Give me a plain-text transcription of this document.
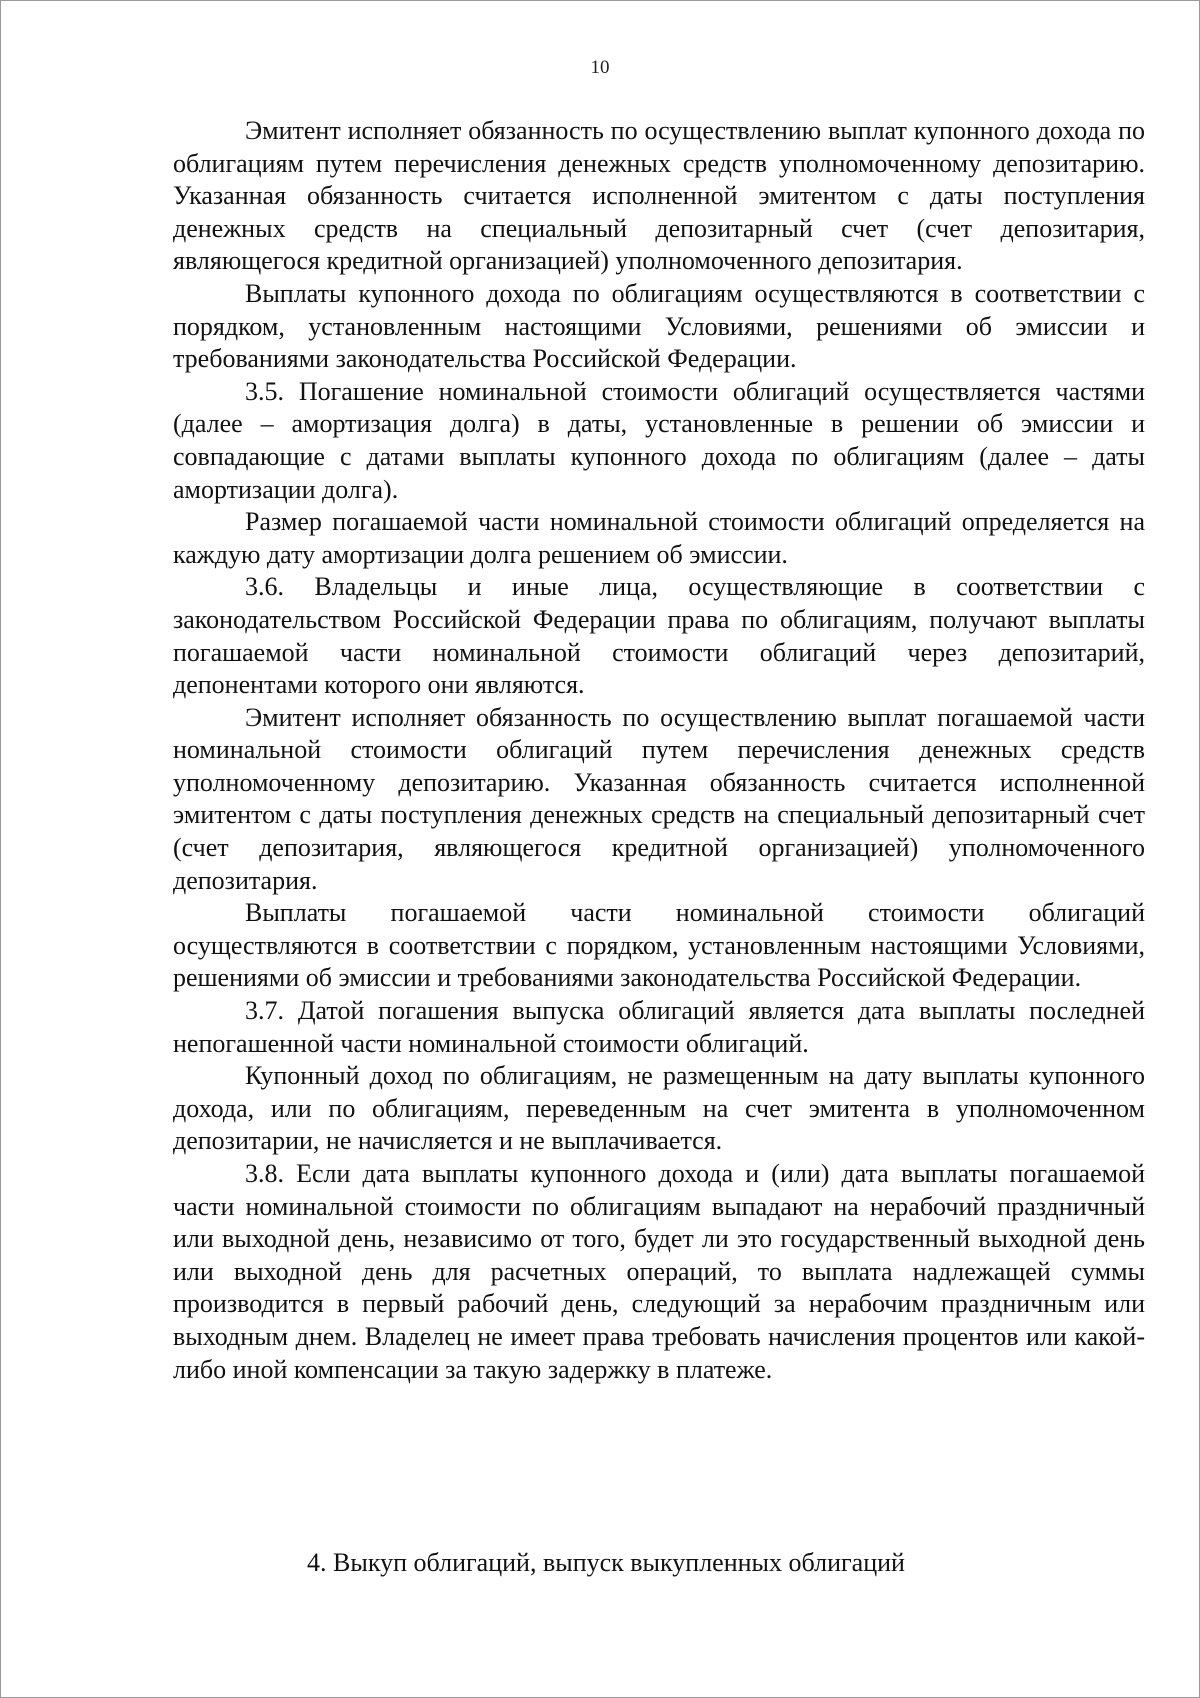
10

Эмитент исполняет обязанность по осуществлению выплат купонного дохода по облигациям путем перечисления денежных средств уполномоченному депозитарию. Указанная обязанность считается исполненной эмитентом с даты поступления денежных средств на специальный депозитарный счет (счет депозитария, являющегося кредитной организацией) уполномоченного депозитария.

Выплаты купонного дохода по облигациям осуществляются в соответствии с порядком, установленным настоящими Условиями, решениями об эмиссии и требованиями законодательства Российской Федерации.

3.5. Погашение номинальной стоимости облигаций осуществляется частями (далее – амортизация долга) в даты, установленные в решении об эмиссии и совпадающие с датами выплаты купонного дохода по облигациям (далее – даты амортизации долга).

Размер погашаемой части номинальной стоимости облигаций определяется на каждую дату амортизации долга решением об эмиссии.

3.6. Владельцы и иные лица, осуществляющие в соответствии с законодательством Российской Федерации права по облигациям, получают выплаты погашаемой части номинальной стоимости облигаций через депозитарий, депонентами которого они являются.

Эмитент исполняет обязанность по осуществлению выплат погашаемой части номинальной стоимости облигаций путем перечисления денежных средств уполномоченному депозитарию. Указанная обязанность считается исполненной эмитентом с даты поступления денежных средств на специальный депозитарный счет (счет депозитария, являющегося кредитной организацией) уполномоченного депозитария.

Выплаты погашаемой части номинальной стоимости облигаций осуществляются в соответствии с порядком, установленным настоящими Условиями, решениями об эмиссии и требованиями законодательства Российской Федерации.

3.7. Датой погашения выпуска облигаций является дата выплаты последней непогашенной части номинальной стоимости облигаций.

Купонный доход по облигациям, не размещенным на дату выплаты купонного дохода, или по облигациям, переведенным на счет эмитента в уполномоченном депозитарии, не начисляется и не выплачивается.

3.8. Если дата выплаты купонного дохода и (или) дата выплаты погашаемой части номинальной стоимости по облигациям выпадают на нерабочий праздничный или выходной день, независимо от того, будет ли это государственный выходной день или выходной день для расчетных операций, то выплата надлежащей суммы производится в первый рабочий день, следующий за нерабочим праздничным или выходным днем. Владелец не имеет права требовать начисления процентов или какой-либо иной компенсации за такую задержку в платеже.

4. Выкуп облигаций, выпуск выкупленных облигаций
